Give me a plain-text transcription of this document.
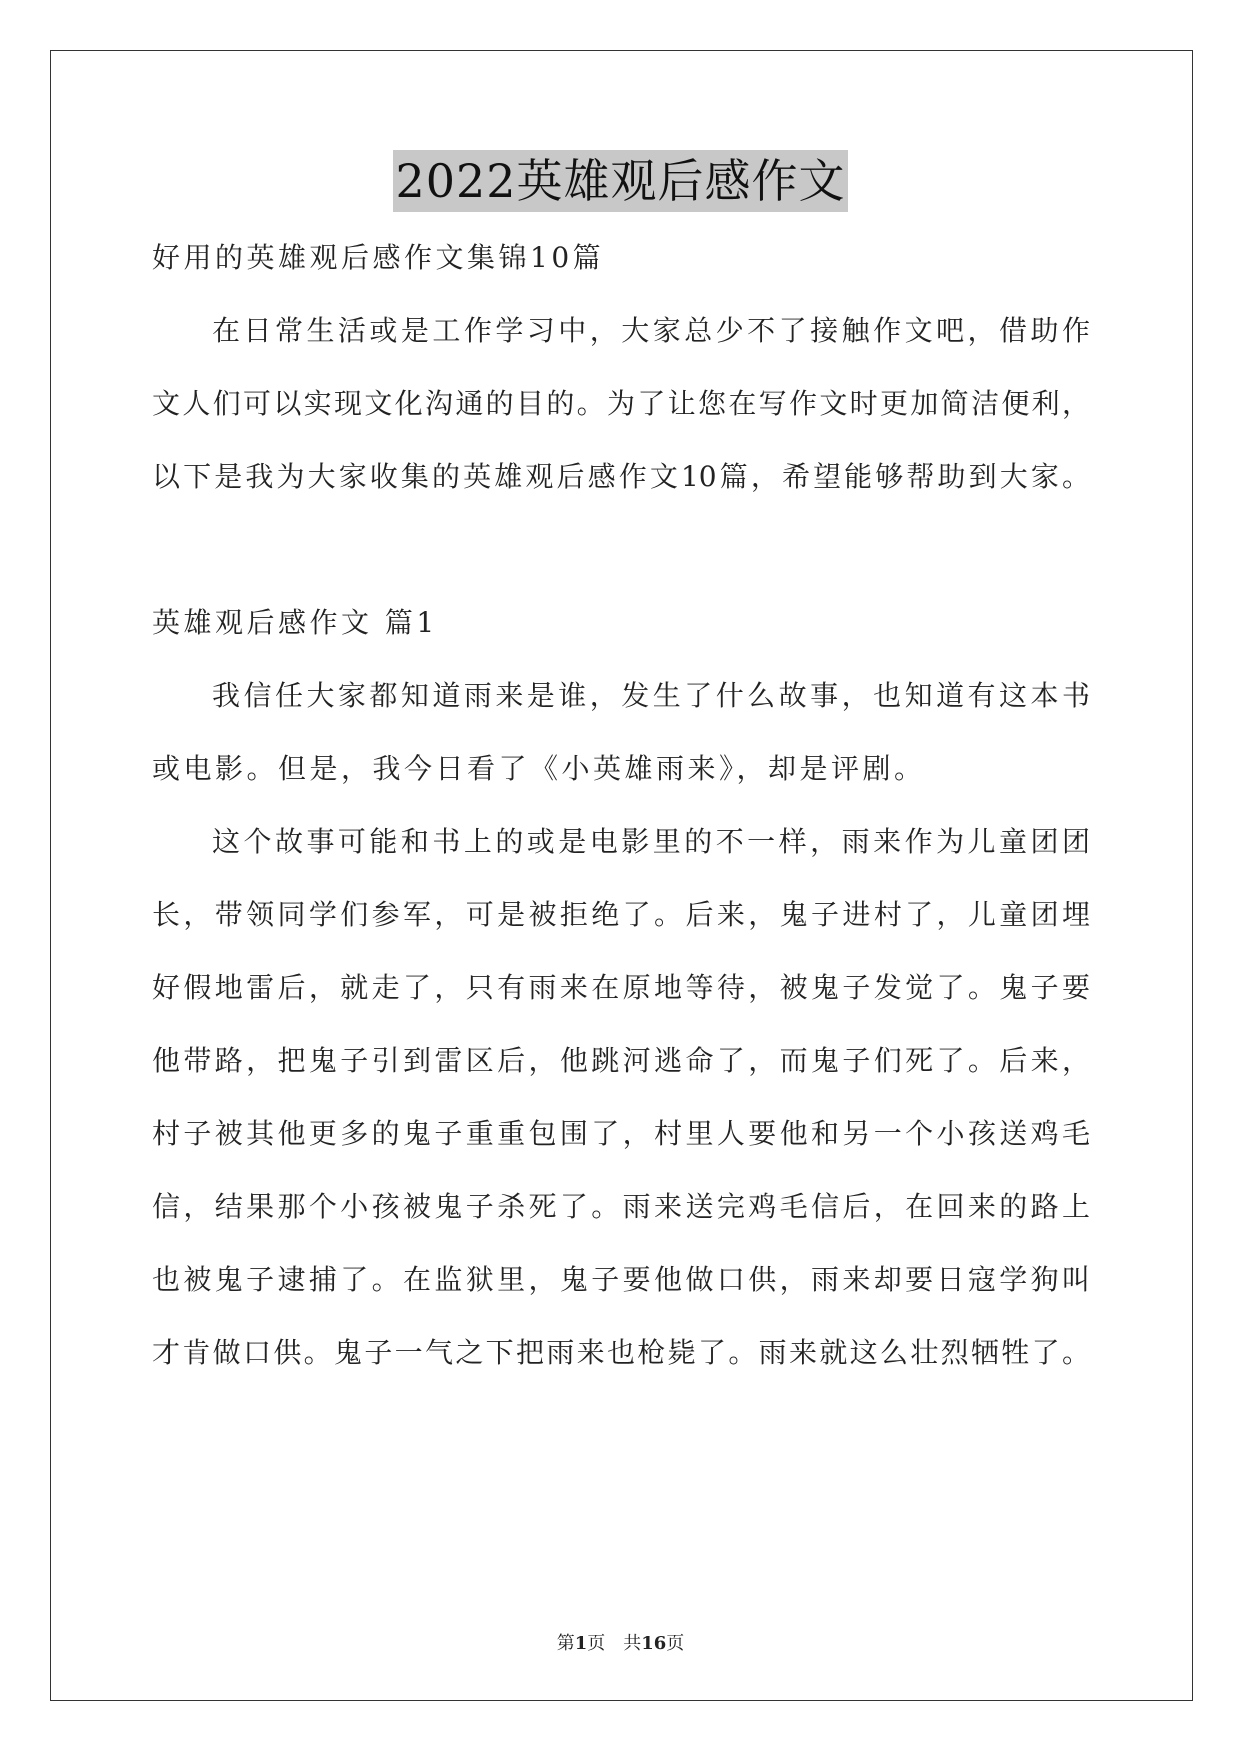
2022英雄观后感作文
好用的英雄观后感作文集锦10篇
在日常生活或是工作学习中，大家总少不了接触作文吧，借助作
文人们可以实现文化沟通的目的。为了让您在写作文时更加简洁便利，
以下是我为大家收集的英雄观后感作文10篇，希望能够帮助到大家。
英雄观后感作文 篇1
我信任大家都知道雨来是谁，发生了什么故事，也知道有这本书
或电影。但是，我今日看了《小英雄雨来》，却是评剧。
这个故事可能和书上的或是电影里的不一样，雨来作为儿童团团
长，带领同学们参军，可是被拒绝了。后来，鬼子进村了，儿童团埋
好假地雷后，就走了，只有雨来在原地等待，被鬼子发觉了。鬼子要
他带路，把鬼子引到雷区后，他跳河逃命了，而鬼子们死了。后来，
村子被其他更多的鬼子重重包围了，村里人要他和另一个小孩送鸡毛
信，结果那个小孩被鬼子杀死了。雨来送完鸡毛信后，在回来的路上
也被鬼子逮捕了。在监狱里，鬼子要他做口供，雨来却要日寇学狗叫
才肯做口供。鬼子一气之下把雨来也枪毙了。雨来就这么壮烈牺牲了。
第1页 共16页
